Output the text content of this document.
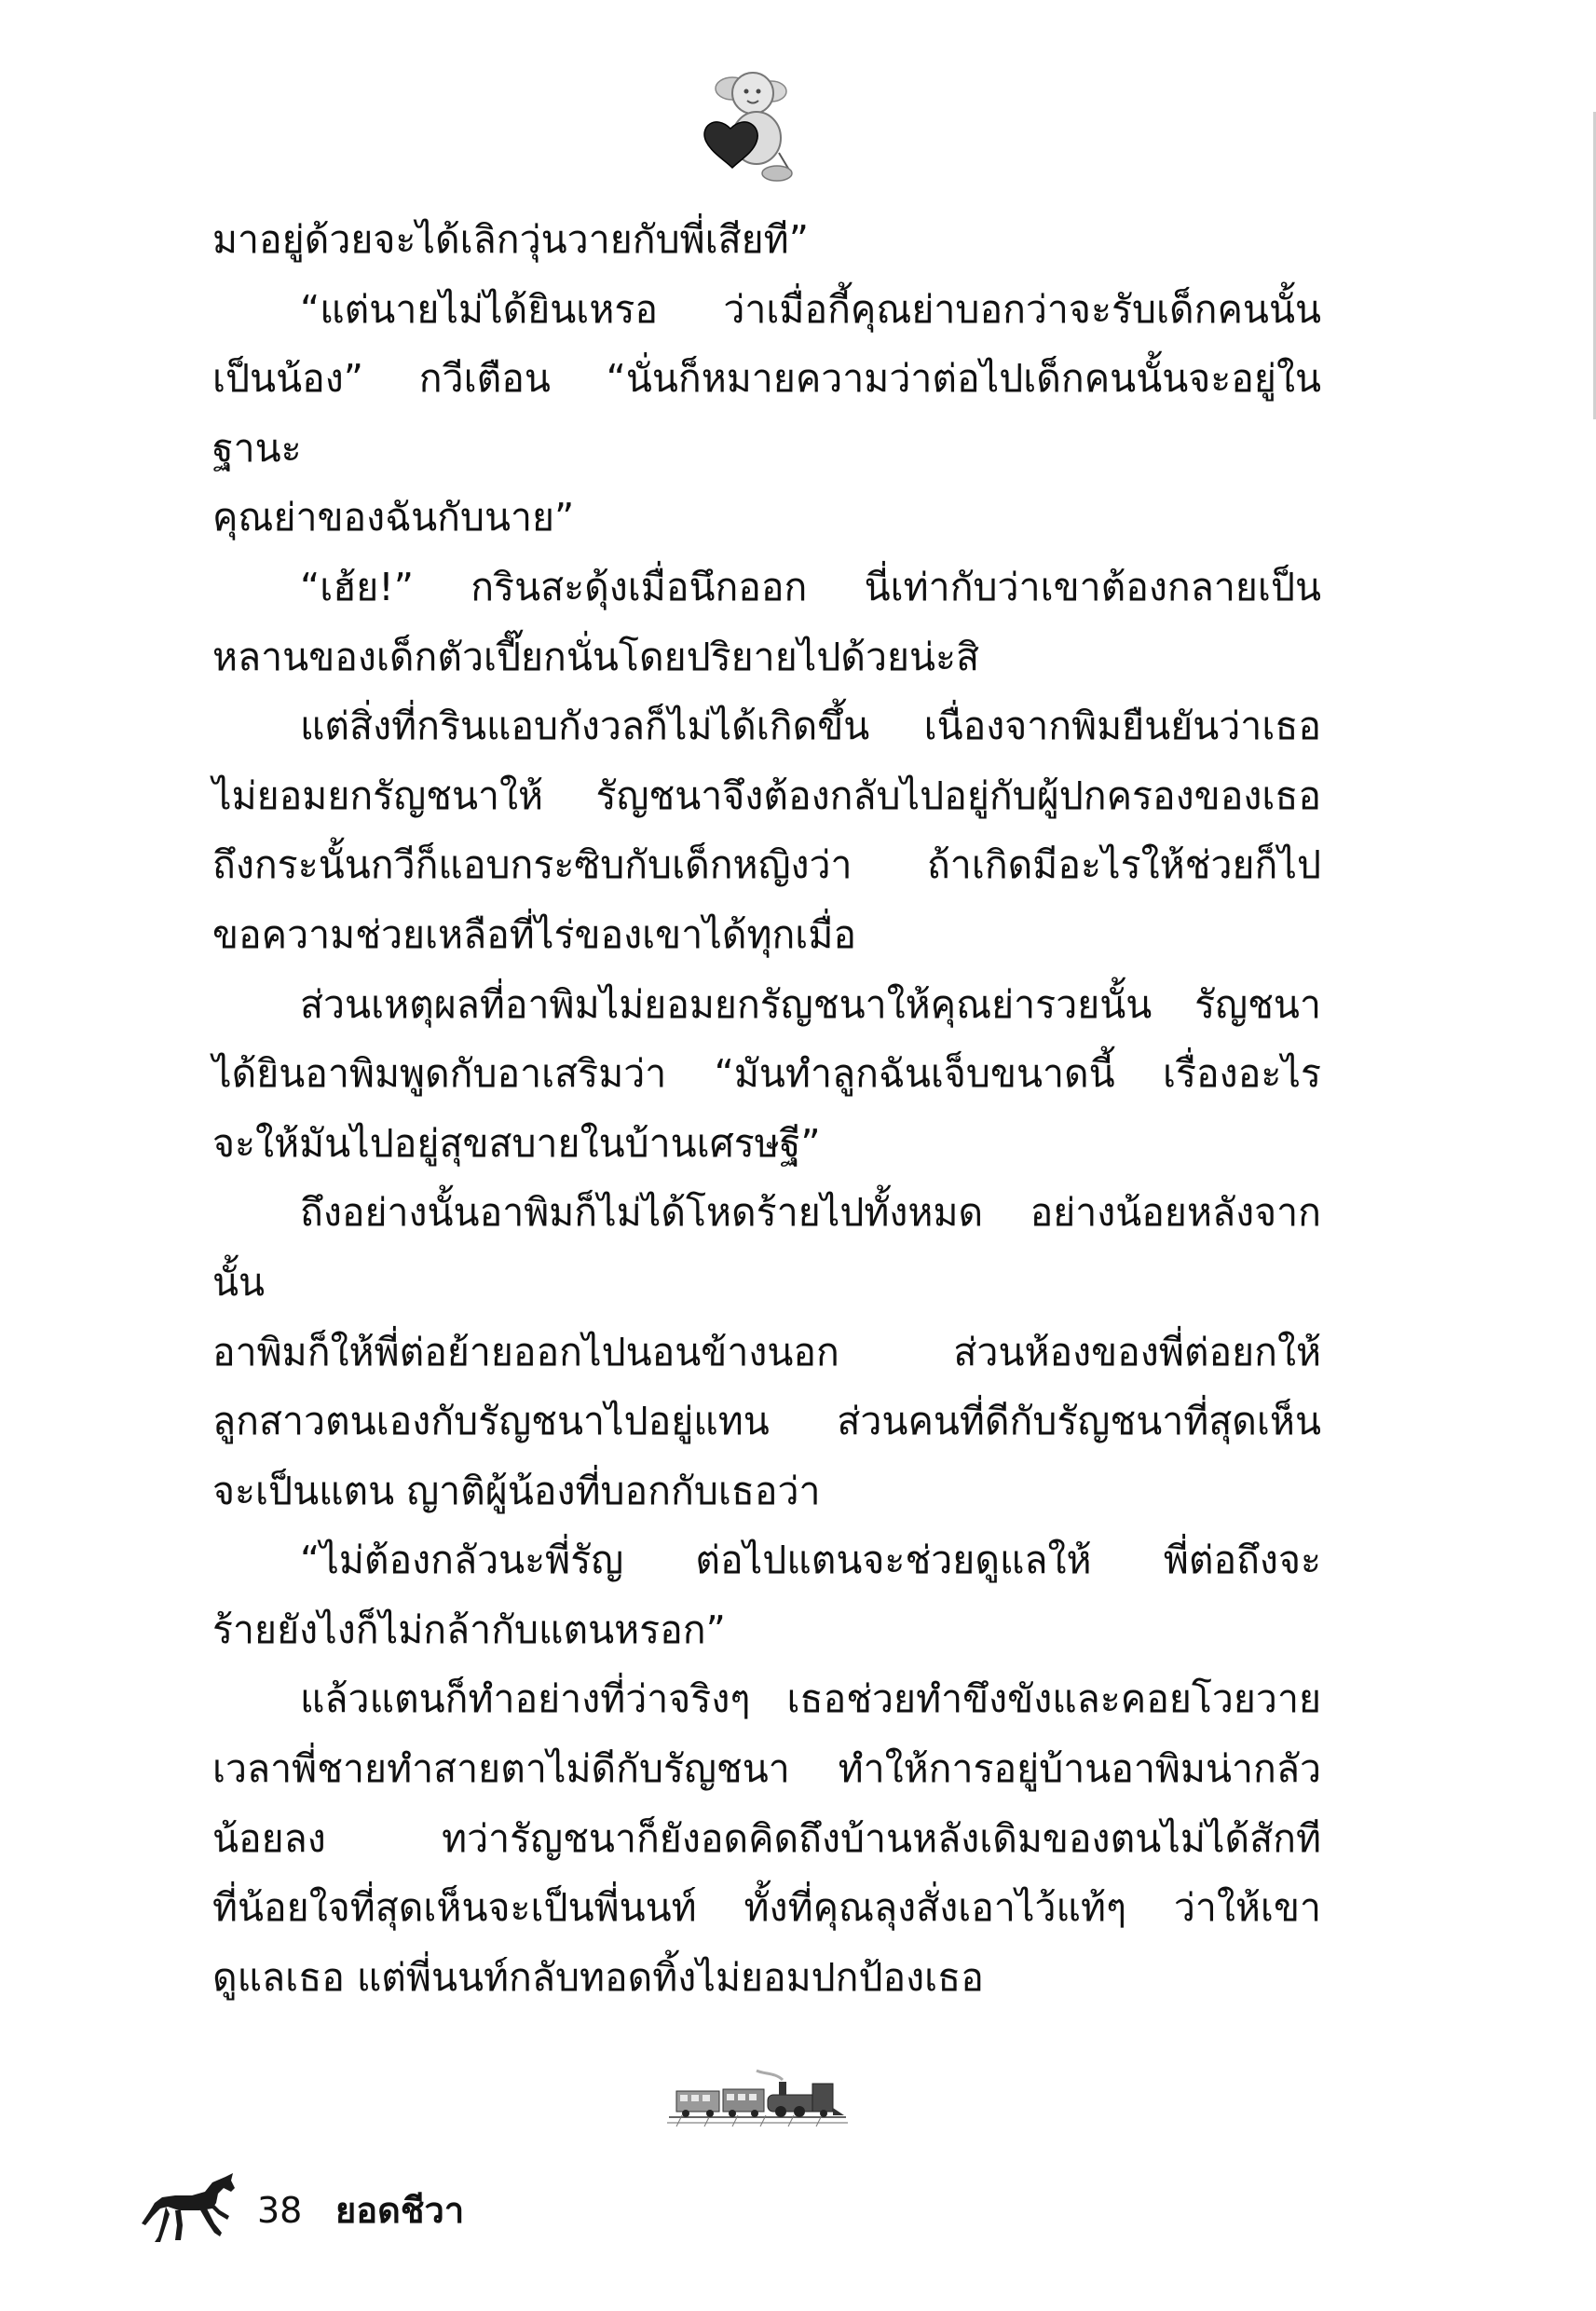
มาอยู่ด้วยจะได้เลิกวุ่นวายกับพี่เสียที”

“แต่นายไม่ได้ยินเหรอ ว่าเมื่อกี้คุณย่าบอกว่าจะรับเด็กคนนั้น

เป็นน้อง” กวีเตือน “นั่นก็หมายความว่าต่อไปเด็กคนนั้นจะอยู่ในฐานะ

คุณย่าของฉันกับนาย”

“เฮ้ย!” กรินสะดุ้งเมื่อนึกออก นี่เท่ากับว่าเขาต้องกลายเป็น

หลานของเด็กตัวเปี๊ยกนั่นโดยปริยายไปด้วยน่ะสิ

แต่สิ่งที่กรินแอบกังวลก็ไม่ได้เกิดขึ้น เนื่องจากพิมยืนยันว่าเธอ

ไม่ยอมยกรัญชนาให้ รัญชนาจึงต้องกลับไปอยู่กับผู้ปกครองของเธอ

ถึงกระนั้นกวีก็แอบกระซิบกับเด็กหญิงว่า ถ้าเกิดมีอะไรให้ช่วยก็ไป

ขอความช่วยเหลือที่ไร่ของเขาได้ทุกเมื่อ

ส่วนเหตุผลที่อาพิมไม่ยอมยกรัญชนาให้คุณย่ารวยนั้น รัญชนา

ได้ยินอาพิมพูดกับอาเสริมว่า “มันทำลูกฉันเจ็บขนาดนี้ เรื่องอะไร

จะให้มันไปอยู่สุขสบายในบ้านเศรษฐี”

ถึงอย่างนั้นอาพิมก็ไม่ได้โหดร้ายไปทั้งหมด อย่างน้อยหลังจากนั้น

อาพิมก็ให้พี่ต่อย้ายออกไปนอนข้างนอก ส่วนห้องของพี่ต่อยกให้

ลูกสาวตนเองกับรัญชนาไปอยู่แทน ส่วนคนที่ดีกับรัญชนาที่สุดเห็น

จะเป็นแตน ญาติผู้น้องที่บอกกับเธอว่า

“ไม่ต้องกลัวนะพี่รัญ ต่อไปแตนจะช่วยดูแลให้ พี่ต่อถึงจะ

ร้ายยังไงก็ไม่กล้ากับแตนหรอก”

แล้วแตนก็ทำอย่างที่ว่าจริงๆ เธอช่วยทำขึงขังและคอยโวยวาย

เวลาพี่ชายทำสายตาไม่ดีกับรัญชนา ทำให้การอยู่บ้านอาพิมน่ากลัว

น้อยลง ทว่ารัญชนาก็ยังอดคิดถึงบ้านหลังเดิมของตนไม่ได้สักที

ที่น้อยใจที่สุดเห็นจะเป็นพี่นนท์ ทั้งที่คุณลุงสั่งเอาไว้แท้ๆ ว่าให้เขา

ดูแลเธอ แต่พี่นนท์กลับทอดทิ้งไม่ยอมปกป้องเธอ

38 ยอดชีวา
